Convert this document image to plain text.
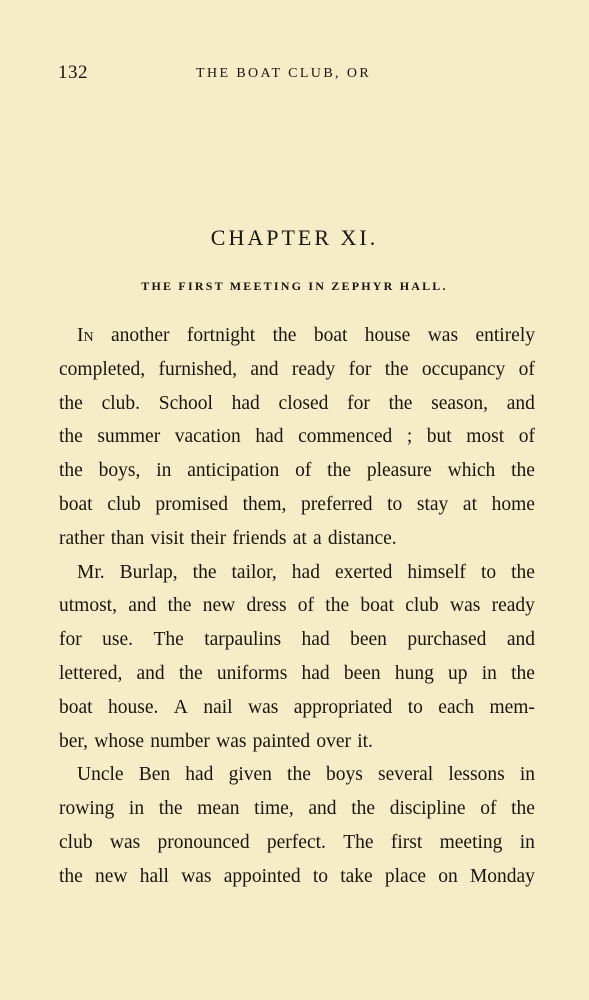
132	THE BOAT CLUB, OR
CHAPTER XI.
THE FIRST MEETING IN ZEPHYR HALL.
In another fortnight the boat house was entirely
completed, furnished, and ready for the occupancy of
the club. School had closed for the season, and
the summer vacation had commenced ; but most of
the boys, in anticipation of the pleasure which the
boat club promised them, preferred to stay at home
rather than visit their friends at a distance.
Mr. Burlap, the tailor, had exerted himself to the
utmost, and the new dress of the boat club was ready
for use. The tarpaulins had been purchased and
lettered, and the uniforms had been hung up in the
boat house. A nail was appropriated to each mem-
ber, whose number was painted over it.
Uncle Ben had given the boys several lessons in
rowing in the mean time, and the discipline of the
club was pronounced perfect. The first meeting in
the new hall was appointed to take place on Monday
